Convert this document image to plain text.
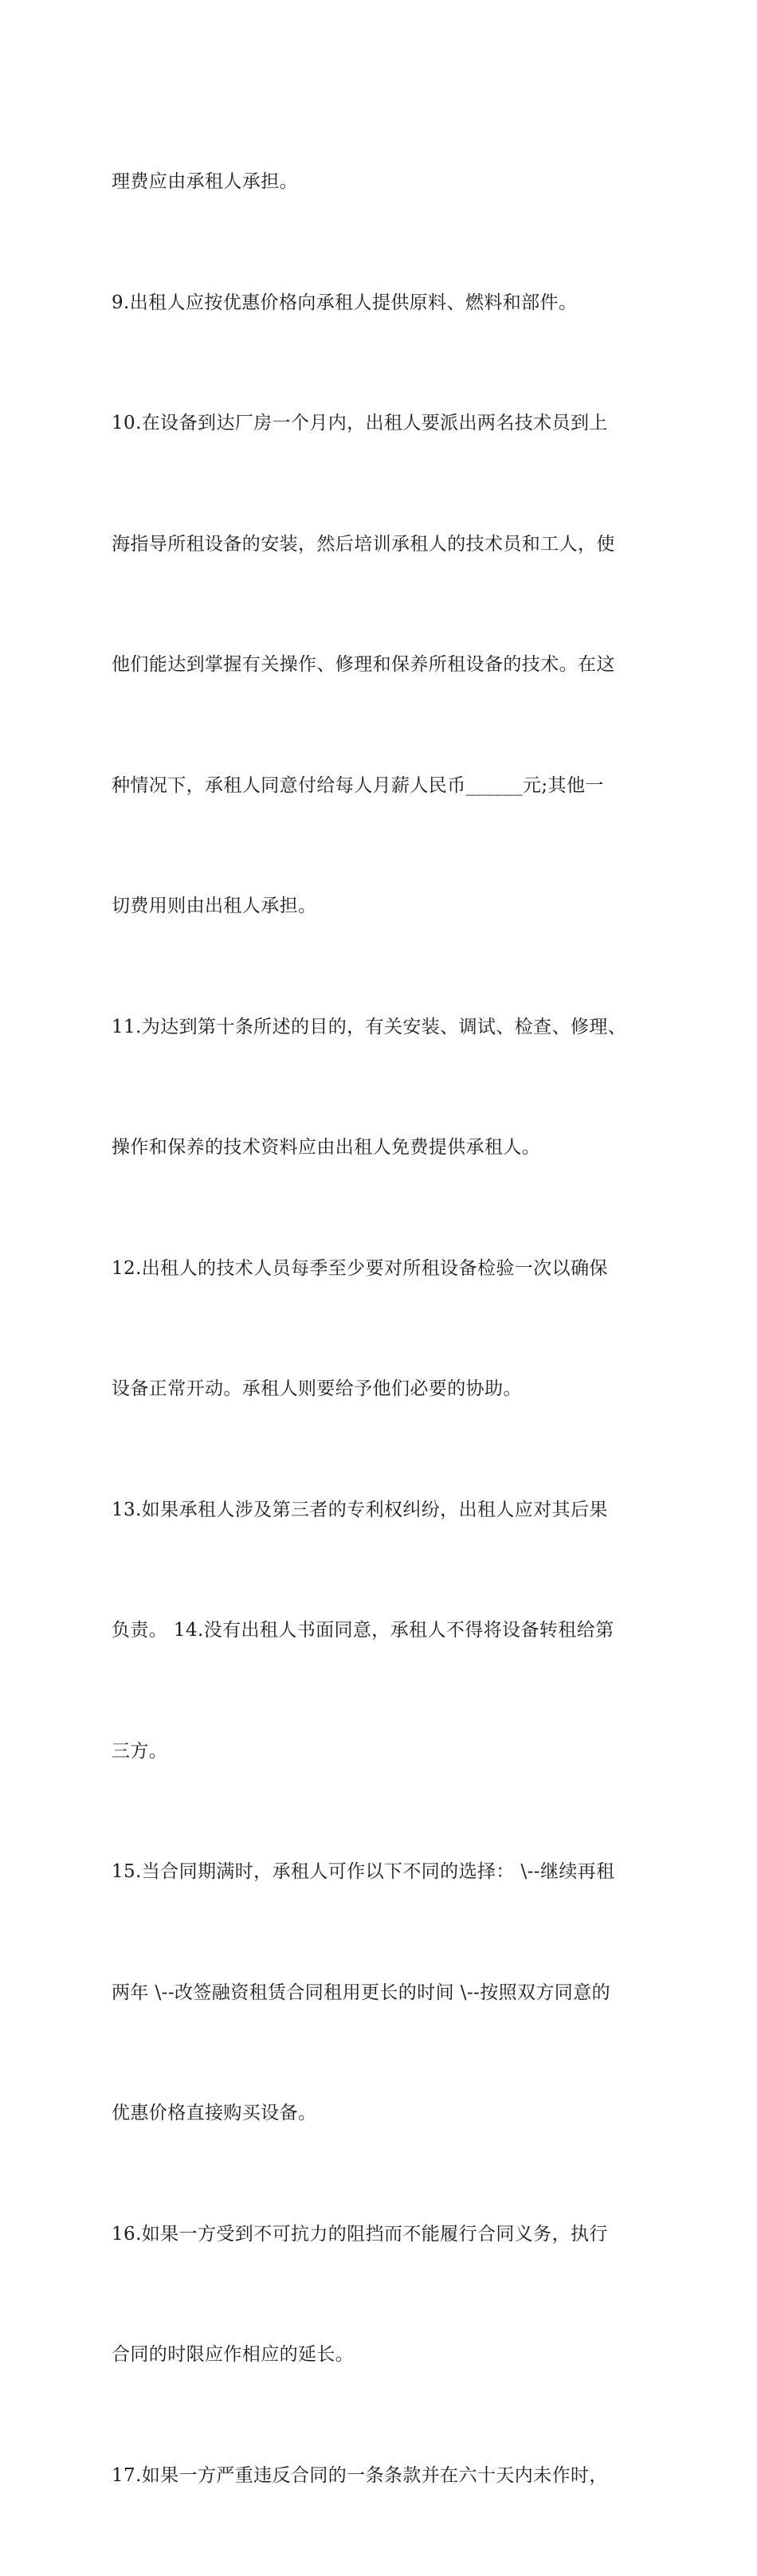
理费应由承租人承担。

9.出租人应按优惠价格向承租人提供原料、燃料和部件。

10.在设备到达厂房一个月内，出租人要派出两名技术员到上

海指导所租设备的安装，然后培训承租人的技术员和工人，使

他们能达到掌握有关操作、修理和保养所租设备的技术。在这

种情况下，承租人同意付给每人月薪人民币______元;其他一

切费用则由出租人承担。

11.为达到第十条所述的目的，有关安装、调试、检查、修理、

操作和保养的技术资料应由出租人免费提供承租人。

12.出租人的技术人员每季至少要对所租设备检验一次以确保

设备正常开动。承租人则要给予他们必要的协助。

13.如果承租人涉及第三者的专利权纠纷，出租人应对其后果

负责。 14.没有出租人书面同意，承租人不得将设备转租给第

三方。

15.当合同期满时，承租人可作以下不同的选择： \--继续再租

两年 \--改签融资租赁合同租用更长的时间 \--按照双方同意的

优惠价格直接购买设备。

16.如果一方受到不可抗力的阻挡而不能履行合同义务，执行

合同的时限应作相应的延长。

17.如果一方严重违反合同的一条条款并在六十天内未作时，
